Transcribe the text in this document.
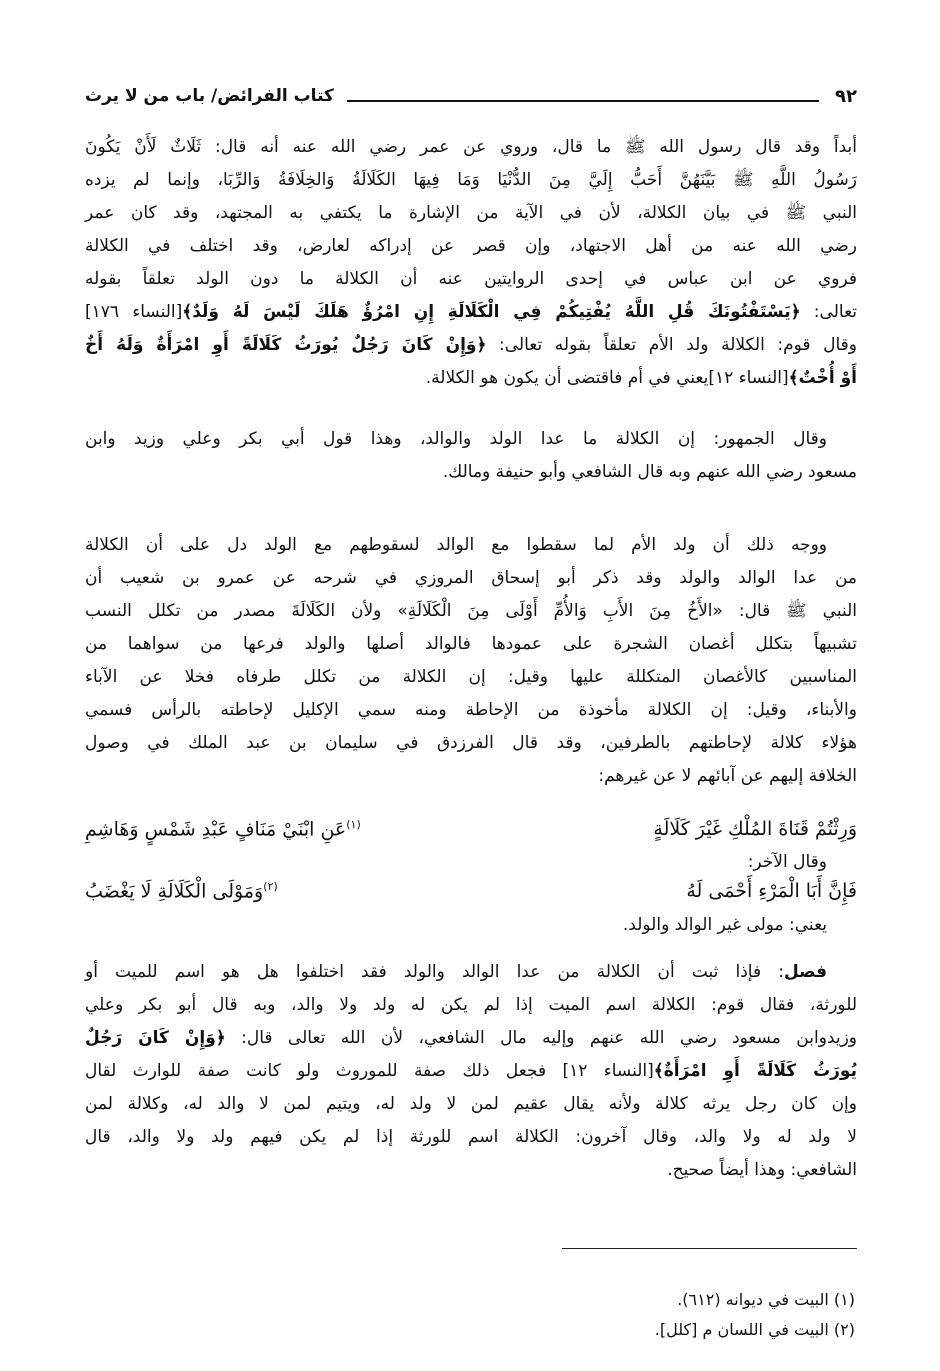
٩٢
كتاب الفرائض/ باب من لا يرث
أبداً وقد قال رسول الله ﷺ ما قال، وروي عن عمر رضي الله عنه أنه قال: ثَلَاثٌ لَأَنْ يَكُونَ
رَسُولُ اللَّهِ ﷺ بَيَّنَهُنَّ أَحَبُّ إِلَيَّ مِنَ الدُّنْيَا وَمَا فِيهَا الكَلَالَةُ وَالخِلَافَةُ وَالرِّبَا، وإنما لم يزده
النبي ﷺ في بيان الكلالة، لأن في الآية من الإشارة ما يكتفي به المجتهد، وقد كان عمر
رضي الله عنه من أهل الاجتهاد، وإن قصر عن إدراكه لعارض، وقد اختلف في الكلالة
فروي عن ابن عباس في إحدى الروايتين عنه أن الكلالة ما دون الولد تعلقاً بقوله
تعالى: ﴿يَسْتَفْتُونَكَ قُلِ اللَّهُ يُفْتِيكُمْ فِي الْكَلَالَةِ إِنِ امْرُؤٌ هَلَكَ لَيْسَ لَهُ وَلَدٌ﴾[النساء ١٧٦]
وقال قوم: الكلالة ولد الأم تعلقاً بقوله تعالى: ﴿وَإِنْ كَانَ رَجُلٌ يُورَثُ كَلَالَةً أَوِ امْرَأَةٌ وَلَهُ أَخٌ
أَوْ أُخْتٌ﴾[النساء ١٢]يعني في أم فاقتضى أن يكون هو الكلالة.
وقال الجمهور: إن الكلالة ما عدا الولد والوالد، وهذا قول أبي بكر وعلي وزيد وابن
مسعود رضي الله عنهم وبه قال الشافعي وأبو حنيفة ومالك.
ووجه ذلك أن ولد الأم لما سقطوا مع الوالد لسقوطهم مع الولد دل على أن الكلالة
من عدا الوالد والولد وقد ذكر أبو إسحاق المروزي في شرحه عن عمرو بن شعيب أن
النبي ﷺ قال: «الأَخُ مِنَ الأَبِ وَالأُمِّ أَوْلَى مِنَ الْكَلَالَةِ» ولأن الكَلَالَةَ مصدر من تكلل النسب
تشبيهاً بتكلل أغصان الشجرة على عمودها فالوالد أصلها والولد فرعها من سواهما من
المناسبين كالأغصان المتكللة عليها وقيل: إن الكلالة من تكلل طرفاه فخلا عن الآباء
والأبناء، وقيل: إن الكلالة مأخوذة من الإحاطة ومنه سمي الإكليل لإحاطته بالرأس فسمي
هؤلاء كلالة لإحاطتهم بالطرفين، وقد قال الفرزدق في سليمان بن عبد الملك في وصول
الخلافة إليهم عن آبائهم لا عن غيرهم:
وَرِثْتُمْ قَنَاةَ المُلْكِ غَيْرَ كَلَالَةٍ
$^{(١)}$عَنِ ابْنَيْ مَنَافٍ عَبْدِ شَمْسٍ وَهَاشِمِ
وقال الآخر:
فَإِنَّ أَبَا الْمَرْءِ أَحْمَى لَهُ
$^{(٢)}$وَمَوْلَى الْكَلَالَةِ لَا يَغْضَبُ
يعني: مولى غير الوالد والولد.
فصل: فإذا ثبت أن الكلالة من عدا الوالد والولد فقد اختلفوا هل هو اسم للميت أو
للورثة، فقال قوم: الكلالة اسم الميت إذا لم يكن له ولد ولا والد، وبه قال أبو بكر وعلي
وزيدوابن مسعود رضي الله عنهم وإليه مال الشافعي، لأن الله تعالى قال: ﴿وَإِنْ كَانَ رَجُلٌ
يُورَثُ كَلَالَةً أَوِ امْرَأَةٌ﴾[النساء ١٢] فجعل ذلك صفة للموروث ولو كانت صفة للوارث لقال
وإن كان رجل يرثه كلالة ولأنه يقال عقيم لمن لا ولد له، ويتيم لمن لا والد له، وكلالة لمن
لا ولد له ولا والد، وقال آخرون: الكلالة اسم للورثة إذا لم يكن فيهم ولد ولا والد، قال
الشافعي: وهذا أيضاً صحيح.
(١) البيت في ديوانه (٦١٢).
(٢) البيت في اللسان م [كلل].
